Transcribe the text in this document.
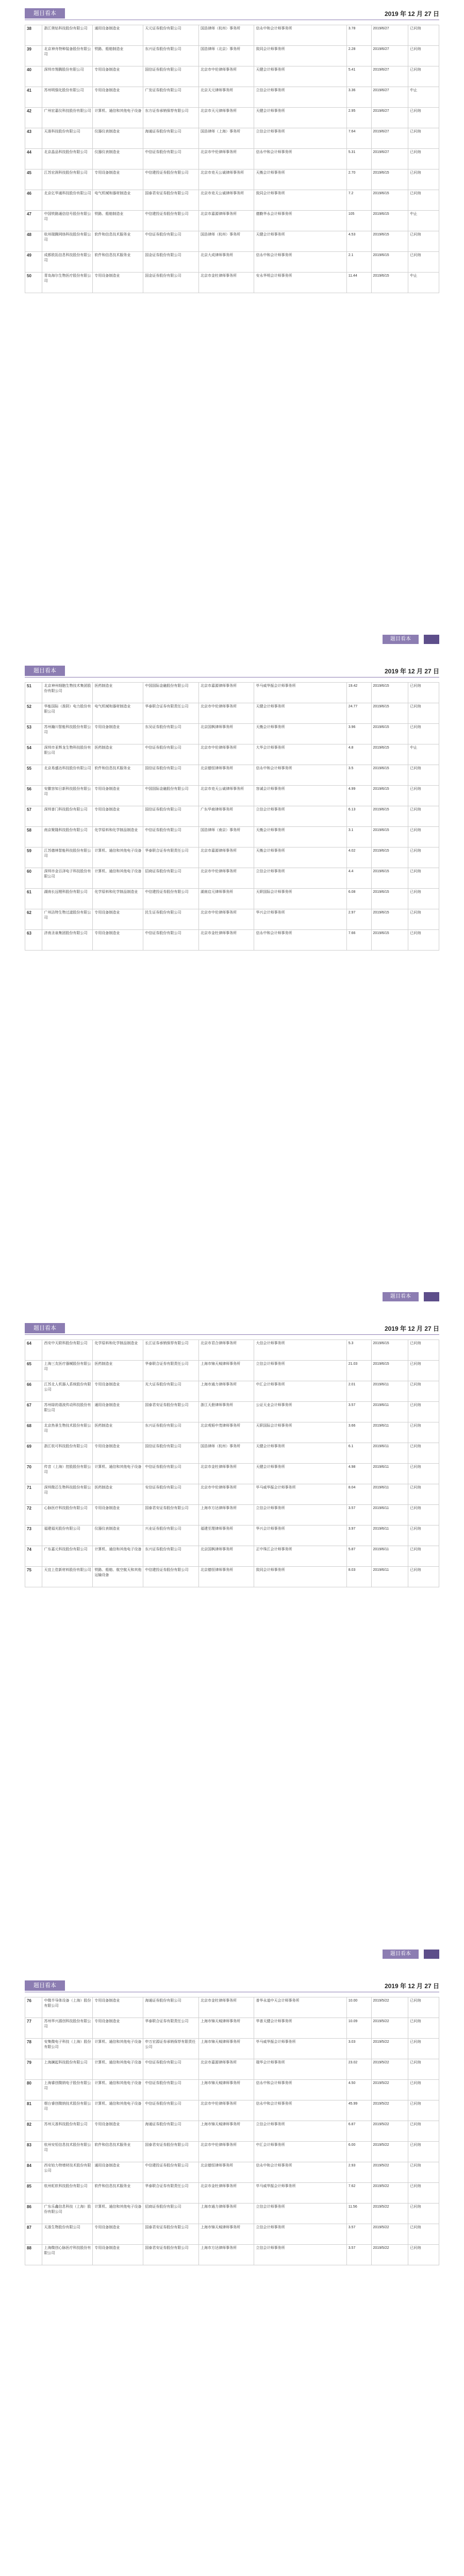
题目看本	2019 年 12 月 27 日
38	浙江奥钻科技股份有限公司	通用设备制造业	天元证券股份有限公司	国浩律师（杭州）事务所	信永中和会计师事务所	3.78	2019/6/27	已问询
39	北京神舟特种装备股份有限公司	铁路、船舶制造业	东兴证券股份有限公司	国浩律师（北京）事务所	致同会计师事务所	2.28	2019/6/27	已问询
40	深圳市翔腾股份有限公司	专用设备制造业	国信证券股份有限公司	北京市中伦律师事务所	天健会计师事务所	5.41	2019/6/27	已问询
41	苏州明强化股份有限公司	专用设备制造业	广发证券股份有限公司	北京天元律师事务所	立信会计师事务所	3.36	2019/6/27	中止
42	广州宏嘉仪科技股份有限公司	计算机、通信和其他电子设备	东方证券承销保荐有限公司	北京市天元律师事务所	天健会计师事务所	2.95	2019/6/27	已问询
43	天准科技股份有限公司	仪器仪表制造业	海通证券股份有限公司	国浩律师（上海）事务所	立信会计师事务所	7.64	2019/6/27	已问询
44	北京晶品科技股份有限公司	仪器仪表制造业	中信证券股份有限公司	北京市中伦律师事务所	信永中和会计师事务所	5.31	2019/6/27	已问询
45	江苏宏润科技股份有限公司	专用设备制造业	中信建投证券股份有限公司	北京市竞天公诚律师事务所	天衡会计师事务所	2.70	2019/6/15	已问询
46	北京亿华通科技股份有限公司	电气机械和器材制造业	国泰君安证券股份有限公司	北京市竞天公诚律师事务所	致同会计师事务所	7.2	2019/6/15	已问询
47	中国铁路通信信号股份有限公司	铁路、船舶制造业	中信建投证券股份有限公司	北京市嘉源律师事务所	德勤华永会计师事务所	105	2019/6/15	中止
48	杭州瑞腾网络科技股份有限公司	软件和信息技术服务业	中信证券股份有限公司	国浩律师（杭州）事务所	天健会计师事务所	4.53	2019/6/15	已问询
49	成都欧拓信息科技股份有限公司	软件和信息技术服务业	国金证券股份有限公司	北京大成律师事务所	信永中和会计师事务所	2.1	2019/6/15	已问询
50	青岛海尔生物医疗股份有限公司	专用设备制造业	国金证券股份有限公司	北京市金杜律师事务所	安永华明会计师事务所	11.44	2019/6/15	中止
题目看本
题目看本	2019 年 12 月 27 日
51	北京神州细胞生物技术集团股份有限公司	医药制造业	中国国际金融股份有限公司	北京市嘉源律师事务所	毕马威华振会计师事务所	19.42	2019/6/15	已问询
52	华能国际（淮阴）电力股份有限公司	电气机械和器材制造业	华泰联合证券有限责任公司	北京市中伦律师事务所	天健会计师事务所	24.77	2019/6/15	已问询
53	苏州瀚川智能科技股份有限公司	专用设备制造业	东吴证券股份有限公司	北京国枫律师事务所	天衡会计师事务所	3.96	2019/6/15	已问询
54	深圳市亚辉龙生物科技股份有限公司	医药制造业	中信证券股份有限公司	北京市中伦律师事务所	大华会计师事务所	4.8	2019/6/15	中止
55	北京易盛达科技股份有限公司	软件和信息技术服务业	国信证券股份有限公司	北京德恒律师事务所	信永中和会计师事务所	3.5	2019/6/15	已问询
56	安徽容知日新科技股份有限公司	专用设备制造业	中国国际金融股份有限公司	北京市竞天公诚律师事务所	容诚会计师事务所	4.99	2019/6/15	已问询
57	深圳普门科技股份有限公司	专用设备制造业	国信证券股份有限公司	广东华商律师事务所	立信会计师事务所	6.13	2019/6/15	已问询
58	南京聚隆科技股份有限公司	化学原料和化学制品制造业	中信证券股份有限公司	国浩律师（南京）事务所	天衡会计师事务所	3.1	2019/6/15	已问询
59	江苏德林智能科技股份有限公司	计算机、通信和其他电子设备	华泰联合证券有限责任公司	北京市嘉源律师事务所	天衡会计师事务所	4.02	2019/6/15	已问询
60	深圳市金百泽电子科技股份有限公司	计算机、通信和其他电子设备	招商证券股份有限公司	北京市中伦律师事务所	立信会计师事务所	4.4	2019/6/15	已问询
61	湖南长远锂科股份有限公司	化学原料和化学制品制造业	中信建投证券股份有限公司	湖南启元律师事务所	天职国际会计师事务所	6.08	2019/6/15	已问询
62	广州洁特生物过滤股份有限公司	专用设备制造业	民生证券股份有限公司	北京市中伦律师事务所	华兴会计师事务所	2.97	2019/6/15	已问询
63	济南圣泉集团股份有限公司	专用设备制造业	中信证券股份有限公司	北京市金杜律师事务所	信永中和会计师事务所	7.66	2019/6/15	已问询
题目看本
题目看本	2019 年 12 月 27 日
64	西安中天联科股份有限公司	化学原料和化学制品制造业	长江证券承销保荐有限公司	北京市君合律师事务所	大信会计师事务所	5.3	2019/6/15	已问询
65	上海三友医疗器械股份有限公司	医药制造业	华泰联合证券有限责任公司	上海市锦天城律师事务所	立信会计师事务所	21.03	2019/6/15	已问询
66	江苏北人机器人系统股份有限公司	专用设备制造业	光大证券股份有限公司	上海市通力律师事务所	中汇会计师事务所	2.01	2019/6/11	已问询
67	苏州绿的谐波传动科技股份有限公司	通用设备制造业	国泰君安证券股份有限公司	浙江天册律师事务所	公证天业会计师事务所	3.57	2019/6/11	已问询
68	北京热景生物技术股份有限公司	医药制造业	东兴证券股份有限公司	北京观韬中茂律师事务所	天职国际会计师事务所	3.66	2019/6/11	已问询
69	浙江杭可科技股份有限公司	专用设备制造业	国信证券股份有限公司	国浩律师（杭州）事务所	天健会计师事务所	6.1	2019/6/11	已问询
70	传音（上海）控股股份有限公司	计算机、通信和其他电子设备	中信证券股份有限公司	北京市金杜律师事务所	天健会计师事务所	4.98	2019/6/11	已问询
71	深圳微芯生物科技股份有限公司	医药制造业	安信证券股份有限公司	北京市中伦律师事务所	毕马威华振会计师事务所	8.04	2019/6/11	已问询
72	心脉医疗科技股份有限公司	专用设备制造业	国泰君安证券股份有限公司	上海市方达律师事务所	立信会计师事务所	3.57	2019/6/11	已问询
73	福建福光股份有限公司	仪器仪表制造业	兴业证券股份有限公司	福建至理律师事务所	华兴会计师事务所	3.97	2019/6/11	已问询
74	广东嘉元科技股份有限公司	计算机、通信和其他电子设备	东兴证券股份有限公司	北京国枫律师事务所	正中珠江会计师事务所	5.87	2019/6/11	已问询
75	天宜上佳新材料股份有限公司	铁路、船舶、航空航天和其他运输设备	中信建投证券股份有限公司	北京德恒律师事务所	致同会计师事务所	8.03	2019/6/11	已问询
题目看本
题目看本	2019 年 12 月 27 日
76	中微半导体设备（上海）股份有限公司	专用设备制造业	海通证券股份有限公司	北京市金杜律师事务所	普华永道中天会计师事务所	10.00	2019/5/22	已问询
77	苏州华兴源创科技股份有限公司	专用设备制造业	华泰联合证券有限责任公司	上海市锦天城律师事务所	华普天健会计师事务所	10.09	2019/5/22	已问询
78	安集微电子科技（上海）股份有限公司	计算机、通信和其他电子设备	申万宏源证券承销保荐有限责任公司	上海市锦天城律师事务所	毕马威华振会计师事务所	3.03	2019/5/22	已问询
79	上海澜起科技股份有限公司	计算机、通信和其他电子设备	中信证券股份有限公司	北京市嘉源律师事务所	瑞华会计师事务所	23.02	2019/5/22	已问询
80	上海睿创微纳电子股份有限公司	计算机、通信和其他电子设备	中信证券股份有限公司	上海市锦天城律师事务所	信永中和会计师事务所	4.50	2019/5/22	已问询
81	烟台睿创微纳技术股份有限公司	计算机、通信和其他电子设备	中信证券股份有限公司	北京市中伦律师事务所	信永中和会计师事务所	45.99	2019/5/22	已问询
82	苏州天准科技股份有限公司	专用设备制造业	海通证券股份有限公司	上海市锦天城律师事务所	立信会计师事务所	6.87	2019/5/22	已问询
83	杭州安恒信息技术股份有限公司	软件和信息技术服务业	国泰君安证券股份有限公司	北京市中伦律师事务所	中汇会计师事务所	6.00	2019/5/22	已问询
84	西安铂力特增材技术股份有限公司	通用设备制造业	中信建投证券股份有限公司	北京德恒律师事务所	信永中和会计师事务所	2.93	2019/5/22	已问询
85	杭州虹软科技股份有限公司	软件和信息技术服务业	华泰联合证券有限责任公司	北京市金杜律师事务所	毕马威华振会计师事务所	7.62	2019/5/22	已问询
86	广东乐鑫信息科技（上海）股份有限公司	计算机、通信和其他电子设备	招商证券股份有限公司	上海市通力律师事务所	立信会计师事务所	11.56	2019/5/22	已问询
87	天准生物股份有限公司	专用设备制造业	国泰君安证券股份有限公司	上海市锦天城律师事务所	立信会计师事务所	3.57	2019/5/22	已问询
88	上海微创心脉医疗科技股份有限公司	专用设备制造业	国泰君安证券股份有限公司	上海市方达律师事务所	立信会计师事务所	3.57	2019/5/22	已问询
